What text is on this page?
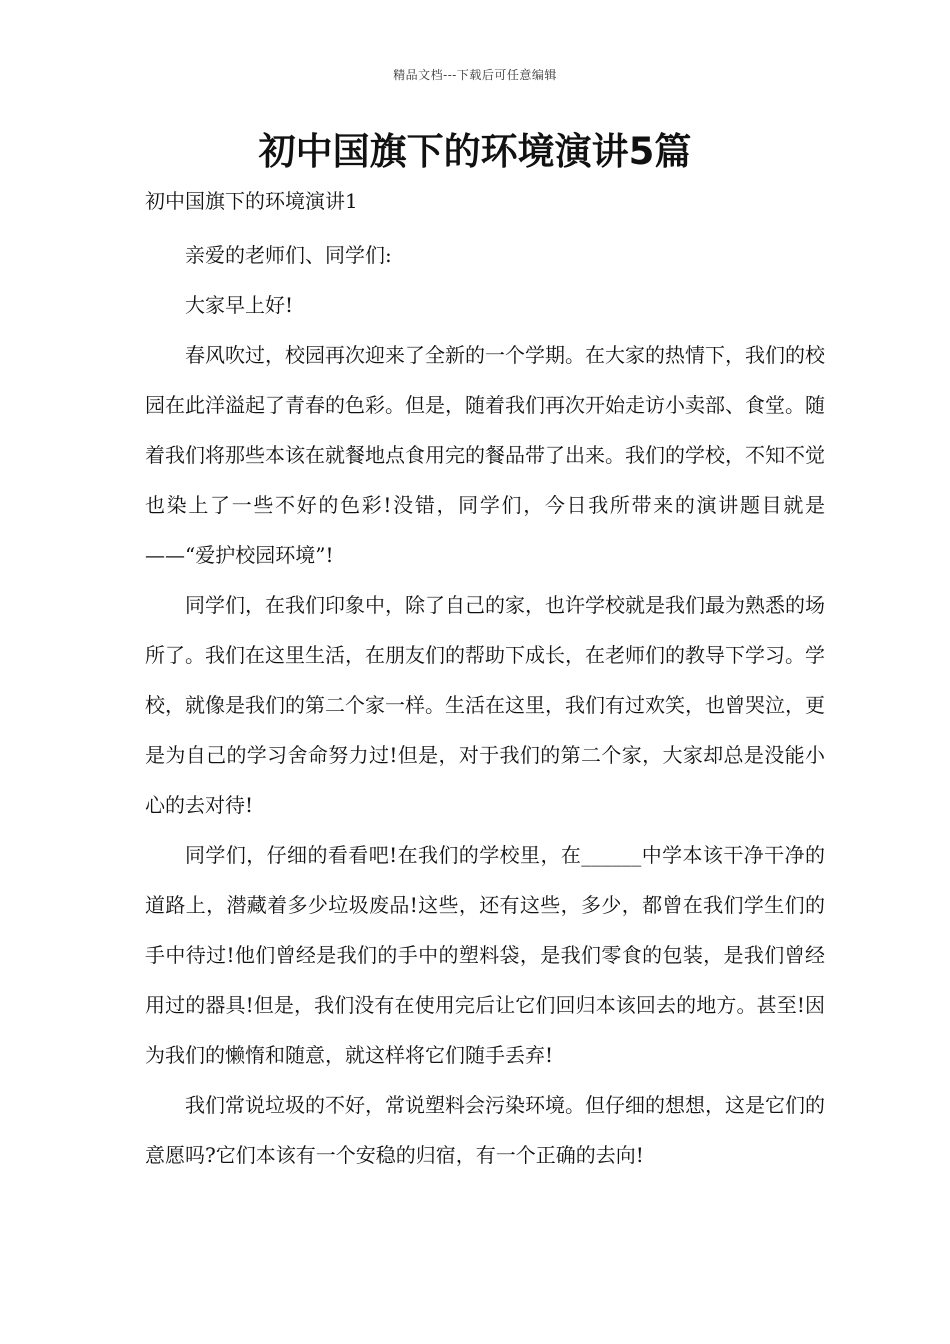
精品文档---下载后可任意编辑
初中国旗下的环境演讲5篇
初中国旗下的环境演讲1

亲爱的老师们、同学们:

大家早上好!

春风吹过，校园再次迎来了全新的一个学期。在大家的热情下，我们的校园在此洋溢起了青春的色彩。但是，随着我们再次开始走访小卖部、食堂。随着我们将那些本该在就餐地点食用完的餐品带了出来。我们的学校，不知不觉也染上了一些不好的色彩!没错，同学们，今日我所带来的演讲题目就是——“爱护校园环境”!

同学们，在我们印象中，除了自己的家，也许学校就是我们最为熟悉的场所了。我们在这里生活，在朋友们的帮助下成长，在老师们的教导下学习。学校，就像是我们的第二个家一样。生活在这里，我们有过欢笑，也曾哭泣，更是为自己的学习舍命努力过!但是，对于我们的第二个家，大家却总是没能小心的去对待!

同学们，仔细的看看吧!在我们的学校里，在______中学本该干净干净的道路上，潜藏着多少垃圾废品!这些，还有这些，多少，都曾在我们学生们的手中待过!他们曾经是我们的手中的塑料袋，是我们零食的包装，是我们曾经用过的器具!但是，我们没有在使用完后让它们回归本该回去的地方。甚至!因为我们的懒惰和随意，就这样将它们随手丢弃!

我们常说垃圾的不好，常说塑料会污染环境。但仔细的想想，这是它们的意愿吗?它们本该有一个安稳的归宿，有一个正确的去向!
